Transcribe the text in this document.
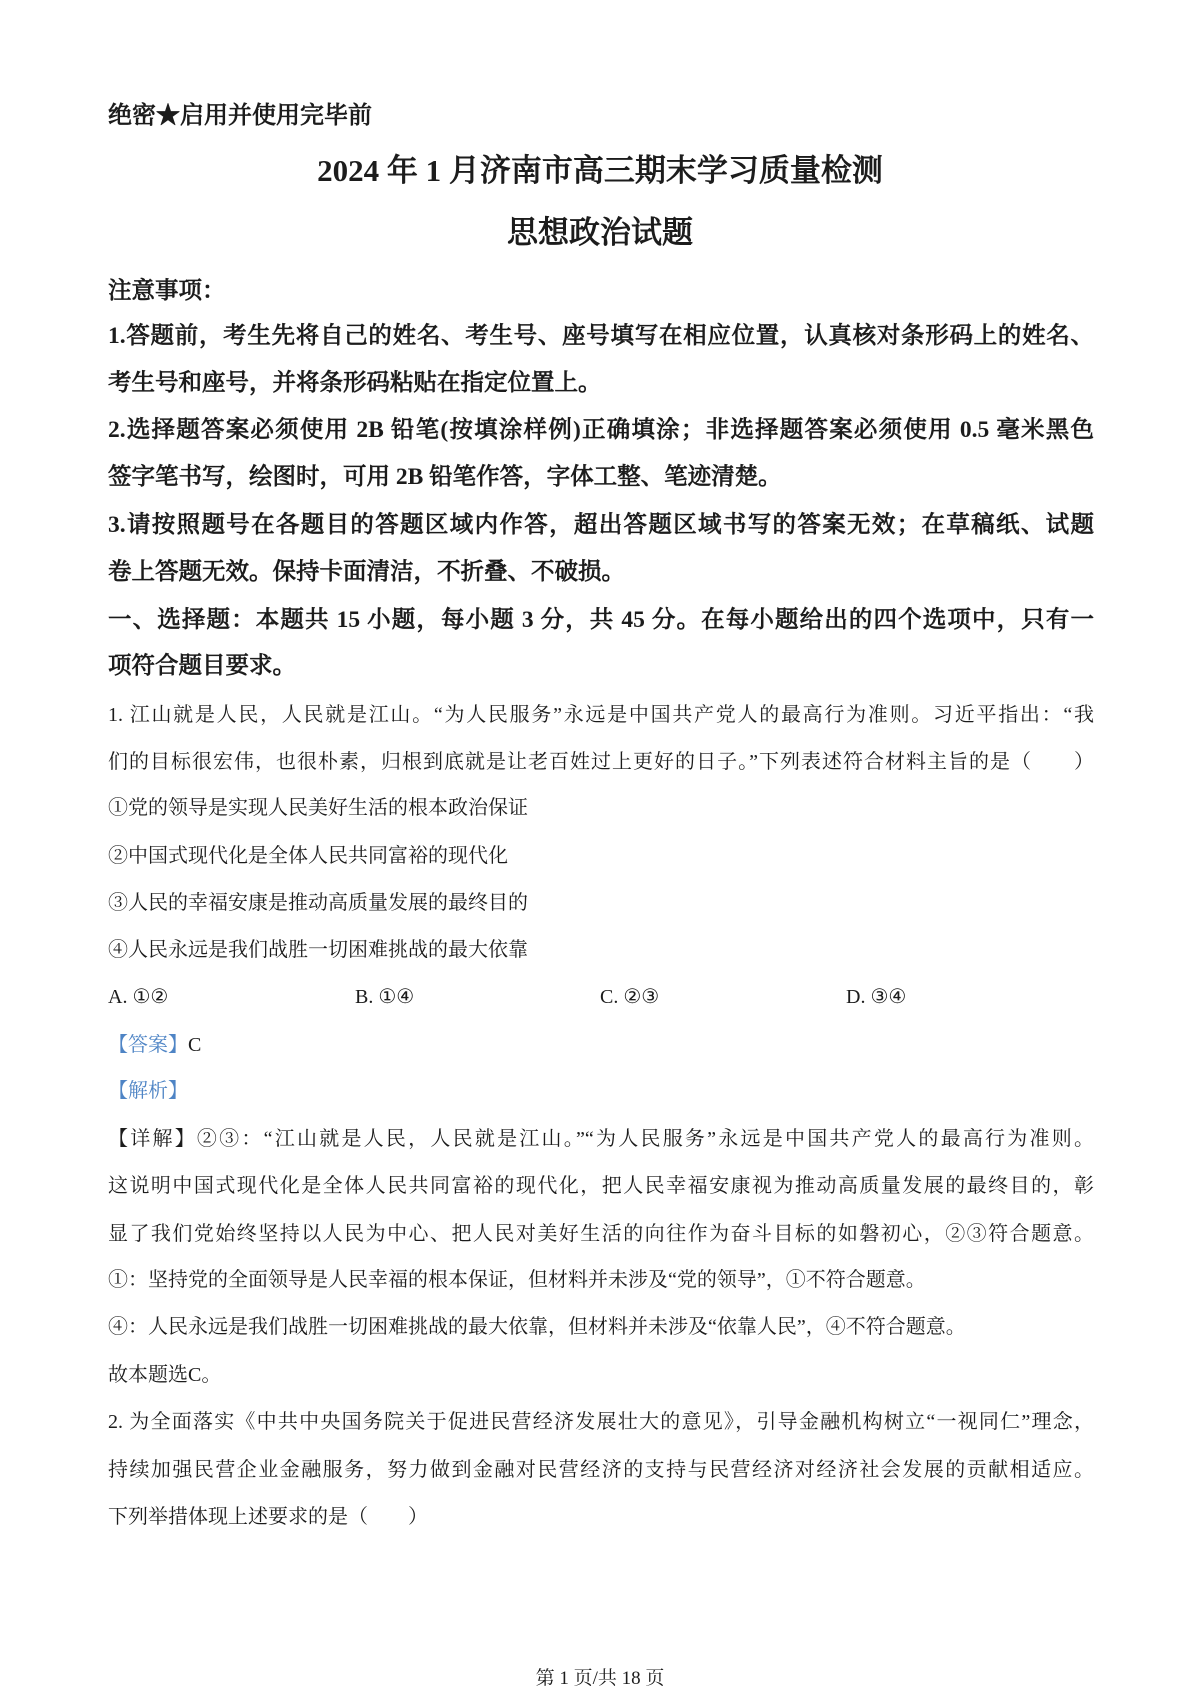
绝密★启用并使用完毕前
2024 年 1 月济南市高三期末学习质量检测
思想政治试题
注意事项：
1.答题前，考生先将自己的姓名、考生号、座号填写在相应位置，认真核对条形码上的姓名、
考生号和座号，并将条形码粘贴在指定位置上。
2.选择题答案必须使用 2B 铅笔(按填涂样例)正确填涂；非选择题答案必须使用 0.5 毫米黑色
签字笔书写，绘图时，可用 2B 铅笔作答，字体工整、笔迹清楚。
3.请按照题号在各题目的答题区域内作答，超出答题区域书写的答案无效；在草稿纸、试题
卷上答题无效。保持卡面清洁，不折叠、不破损。
一、选择题：本题共 15 小题，每小题 3 分，共 45 分。在每小题给出的四个选项中，只有一
项符合题目要求。
1. 江山就是人民，人民就是江山。“为人民服务”永远是中国共产党人的最高行为准则。习近平指出：“我
们的目标很宏伟，也很朴素，归根到底就是让老百姓过上更好的日子。”下列表述符合材料主旨的是（　　）
①党的领导是实现人民美好生活的根本政治保证
②中国式现代化是全体人民共同富裕的现代化
③人民的幸福安康是推动高质量发展的最终目的
④人民永远是我们战胜一切困难挑战的最大依靠
A. ①②	B. ①④	C. ②③	D. ③④
【答案】C
【解析】
【详解】②③：“江山就是人民，人民就是江山。”“为人民服务”永远是中国共产党人的最高行为准则。
这说明中国式现代化是全体人民共同富裕的现代化，把人民幸福安康视为推动高质量发展的最终目的，彰
显了我们党始终坚持以人民为中心、把人民对美好生活的向往作为奋斗目标的如磐初心，②③符合题意。
①：坚持党的全面领导是人民幸福的根本保证，但材料并未涉及“党的领导”，①不符合题意。
④：人民永远是我们战胜一切困难挑战的最大依靠，但材料并未涉及“依靠人民”，④不符合题意。
故本题选C。
2. 为全面落实《中共中央国务院关于促进民营经济发展壮大的意见》，引导金融机构树立“一视同仁”理念，
持续加强民营企业金融服务，努力做到金融对民营经济的支持与民营经济对经济社会发展的贡献相适应。
下列举措体现上述要求的是（　　）
第 1 页/共 18 页
